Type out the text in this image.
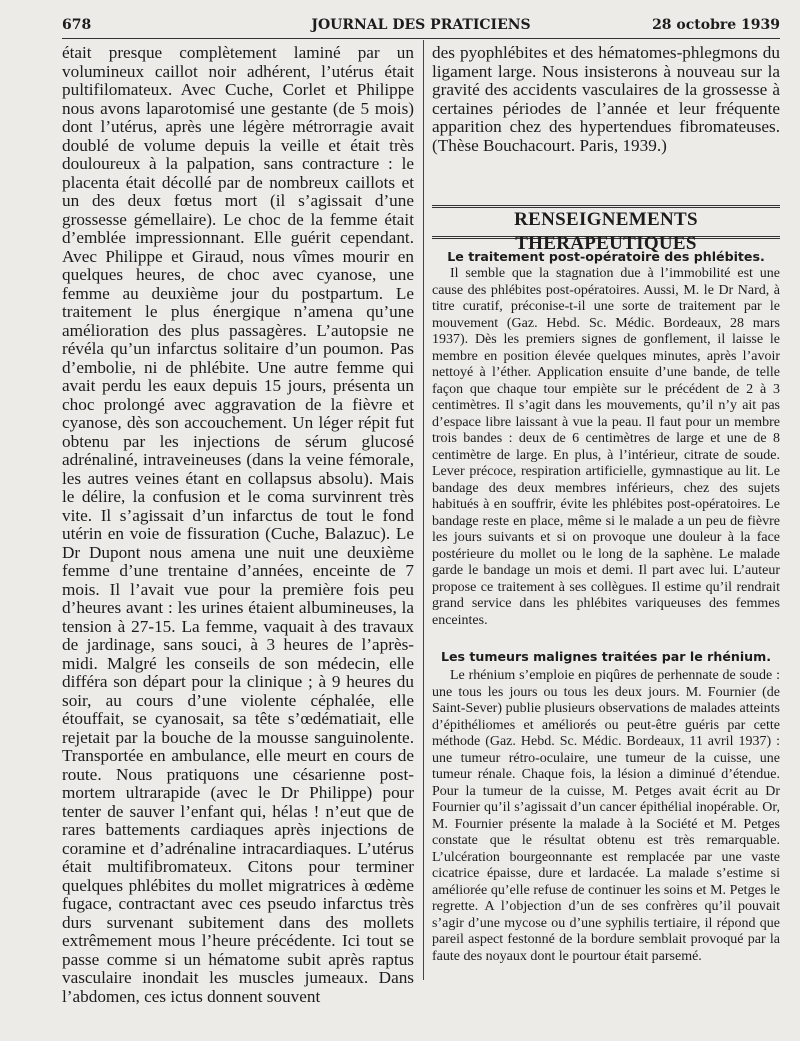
678	JOURNAL DES PRATICIENS	28 octobre 1939

était presque complètement laminé par un volumineux caillot noir adhérent, l’utérus était pultifilomateux. Avec Cuche, Corlet et Philippe nous avons laparotomisé une gestante (de 5 mois) dont l’utérus, après une légère métrorragie avait doublé de volume depuis la veille et était très douloureux à la palpation, sans contracture : le placenta était décollé par de nombreux caillots et un des deux fœtus mort (il s’agissait d’une grossesse gémellaire). Le choc de la femme était d’emblée impressionnant. Elle guérit cependant. Avec Philippe et Giraud, nous vîmes mourir en quelques heures, de choc avec cyanose, une femme au deuxième jour du postpartum. Le traitement le plus énergique n’amena qu’une amélioration des plus passagères. L’autopsie ne révéla qu’un infarctus solitaire d’un poumon. Pas d’embolie, ni de phlébite. Une autre femme qui avait perdu les eaux depuis 15 jours, présenta un choc prolongé avec aggravation de la fièvre et cyanose, dès son accouchement. Un léger répit fut obtenu par les injections de sérum glucosé adrénaliné, intraveineuses (dans la veine fémorale, les autres veines étant en collapsus absolu). Mais le délire, la confusion et le coma survinrent très vite. Il s’agissait d’un infarctus de tout le fond utérin en voie de fissuration (Cuche, Balazuc). Le Dr Dupont nous amena une nuit une deuxième femme d’une trentaine d’années, enceinte de 7 mois. Il l’avait vue pour la première fois peu d’heures avant : les urines étaient albumineuses, la tension à 27-15. La femme, vaquait à des travaux de jardinage, sans souci, à 3 heures de l’après-midi. Malgré les conseils de son médecin, elle différa son départ pour la clinique ; à 9 heures du soir, au cours d’une violente céphalée, elle étouffait, se cyanosait, sa tête s’œdématiait, elle rejetait par la bouche de la mousse sanguinolente. Transportée en ambulance, elle meurt en cours de route. Nous pratiquons une césarienne post-mortem ultrarapide (avec le Dr Philippe) pour tenter de sauver l’enfant qui, hélas ! n’eut que de rares battements cardiaques après injections de coramine et d’adrénaline intracardiaques. L’utérus était multifibromateux. Citons pour terminer quelques phlébites du mollet migratrices à œdème fugace, contractant avec ces pseudo infarctus très durs survenant subitement dans des mollets extrêmement mous l’heure précédente. Ici tout se passe comme si un hématome subit après raptus vasculaire inondait les muscles jumeaux. Dans l’abdomen, ces ictus donnent souvent

des pyophlébites et des hématomes-phlegmons du ligament large. Nous insisterons à nouveau sur la gravité des accidents vasculaires de la grossesse à certaines périodes de l’année et leur fréquente apparition chez des hypertendues fibromateuses. (Thèse Bouchacourt. Paris, 1939.)

RENSEIGNEMENTS THERAPEUTIQUES
Le traitement post-opératoire des phlébites.

Il semble que la stagnation due à l’immobilité est une cause des phlébites post-opératoires. Aussi, M. le Dr Nard, à titre curatif, préconise-t-il une sorte de traitement par le mouvement (Gaz. Hebd. Sc. Médic. Bordeaux, 28 mars 1937). Dès les premiers signes de gonflement, il laisse le membre en position élevée quelques minutes, après l’avoir nettoyé à l’éther. Application ensuite d’une bande, de telle façon que chaque tour empiète sur le précédent de 2 à 3 centimètres. Il s’agit dans les mouvements, qu’il n’y ait pas d’espace libre laissant à vue la peau. Il faut pour un membre trois bandes : deux de 6 centimètres de large et une de 8 centimètre de large. En plus, à l’intérieur, citrate de soude. Lever précoce, respiration artificielle, gymnastique au lit. Le bandage des deux membres inférieurs, chez des sujets habitués à en souffrir, évite les phlébites post-opératoires. Le bandage reste en place, même si le malade a un peu de fièvre les jours suivants et si on provoque une douleur à la face postérieure du mollet ou le long de la saphène. Le malade garde le bandage un mois et demi. Il part avec lui. L’auteur propose ce traitement à ses collègues. Il estime qu’il rendrait grand service dans les phlébites variqueuses des femmes enceintes.

Les tumeurs malignes traitées par le rhénium.

Le rhénium s’emploie en piqûres de perhennate de soude : une tous les jours ou tous les deux jours. M. Fournier (de Saint-Sever) publie plusieurs observations de malades atteints d’épithéliomes et améliorés ou peut-être guéris par cette méthode (Gaz. Hebd. Sc. Médic. Bordeaux, 11 avril 1937) : une tumeur rétro-oculaire, une tumeur de la cuisse, une tumeur rénale. Chaque fois, la lésion a diminué d’étendue. Pour la tumeur de la cuisse, M. Petges avait écrit au Dr Fournier qu’il s’agissait d’un cancer épithélial inopérable. Or, M. Fournier présente la malade à la Société et M. Petges constate que le résultat obtenu est très remarquable. L’ulcération bourgeonnante est remplacée par une vaste cicatrice épaisse, dure et lardacée. La malade s’estime si améliorée qu’elle refuse de continuer les soins et M. Petges le regrette. A l’objection d’un de ses confrères qu’il pouvait s’agir d’une mycose ou d’une syphilis tertiaire, il répond que pareil aspect festonné de la bordure semblait provoqué par la faute des noyaux dont le pourtour était parsemé.
